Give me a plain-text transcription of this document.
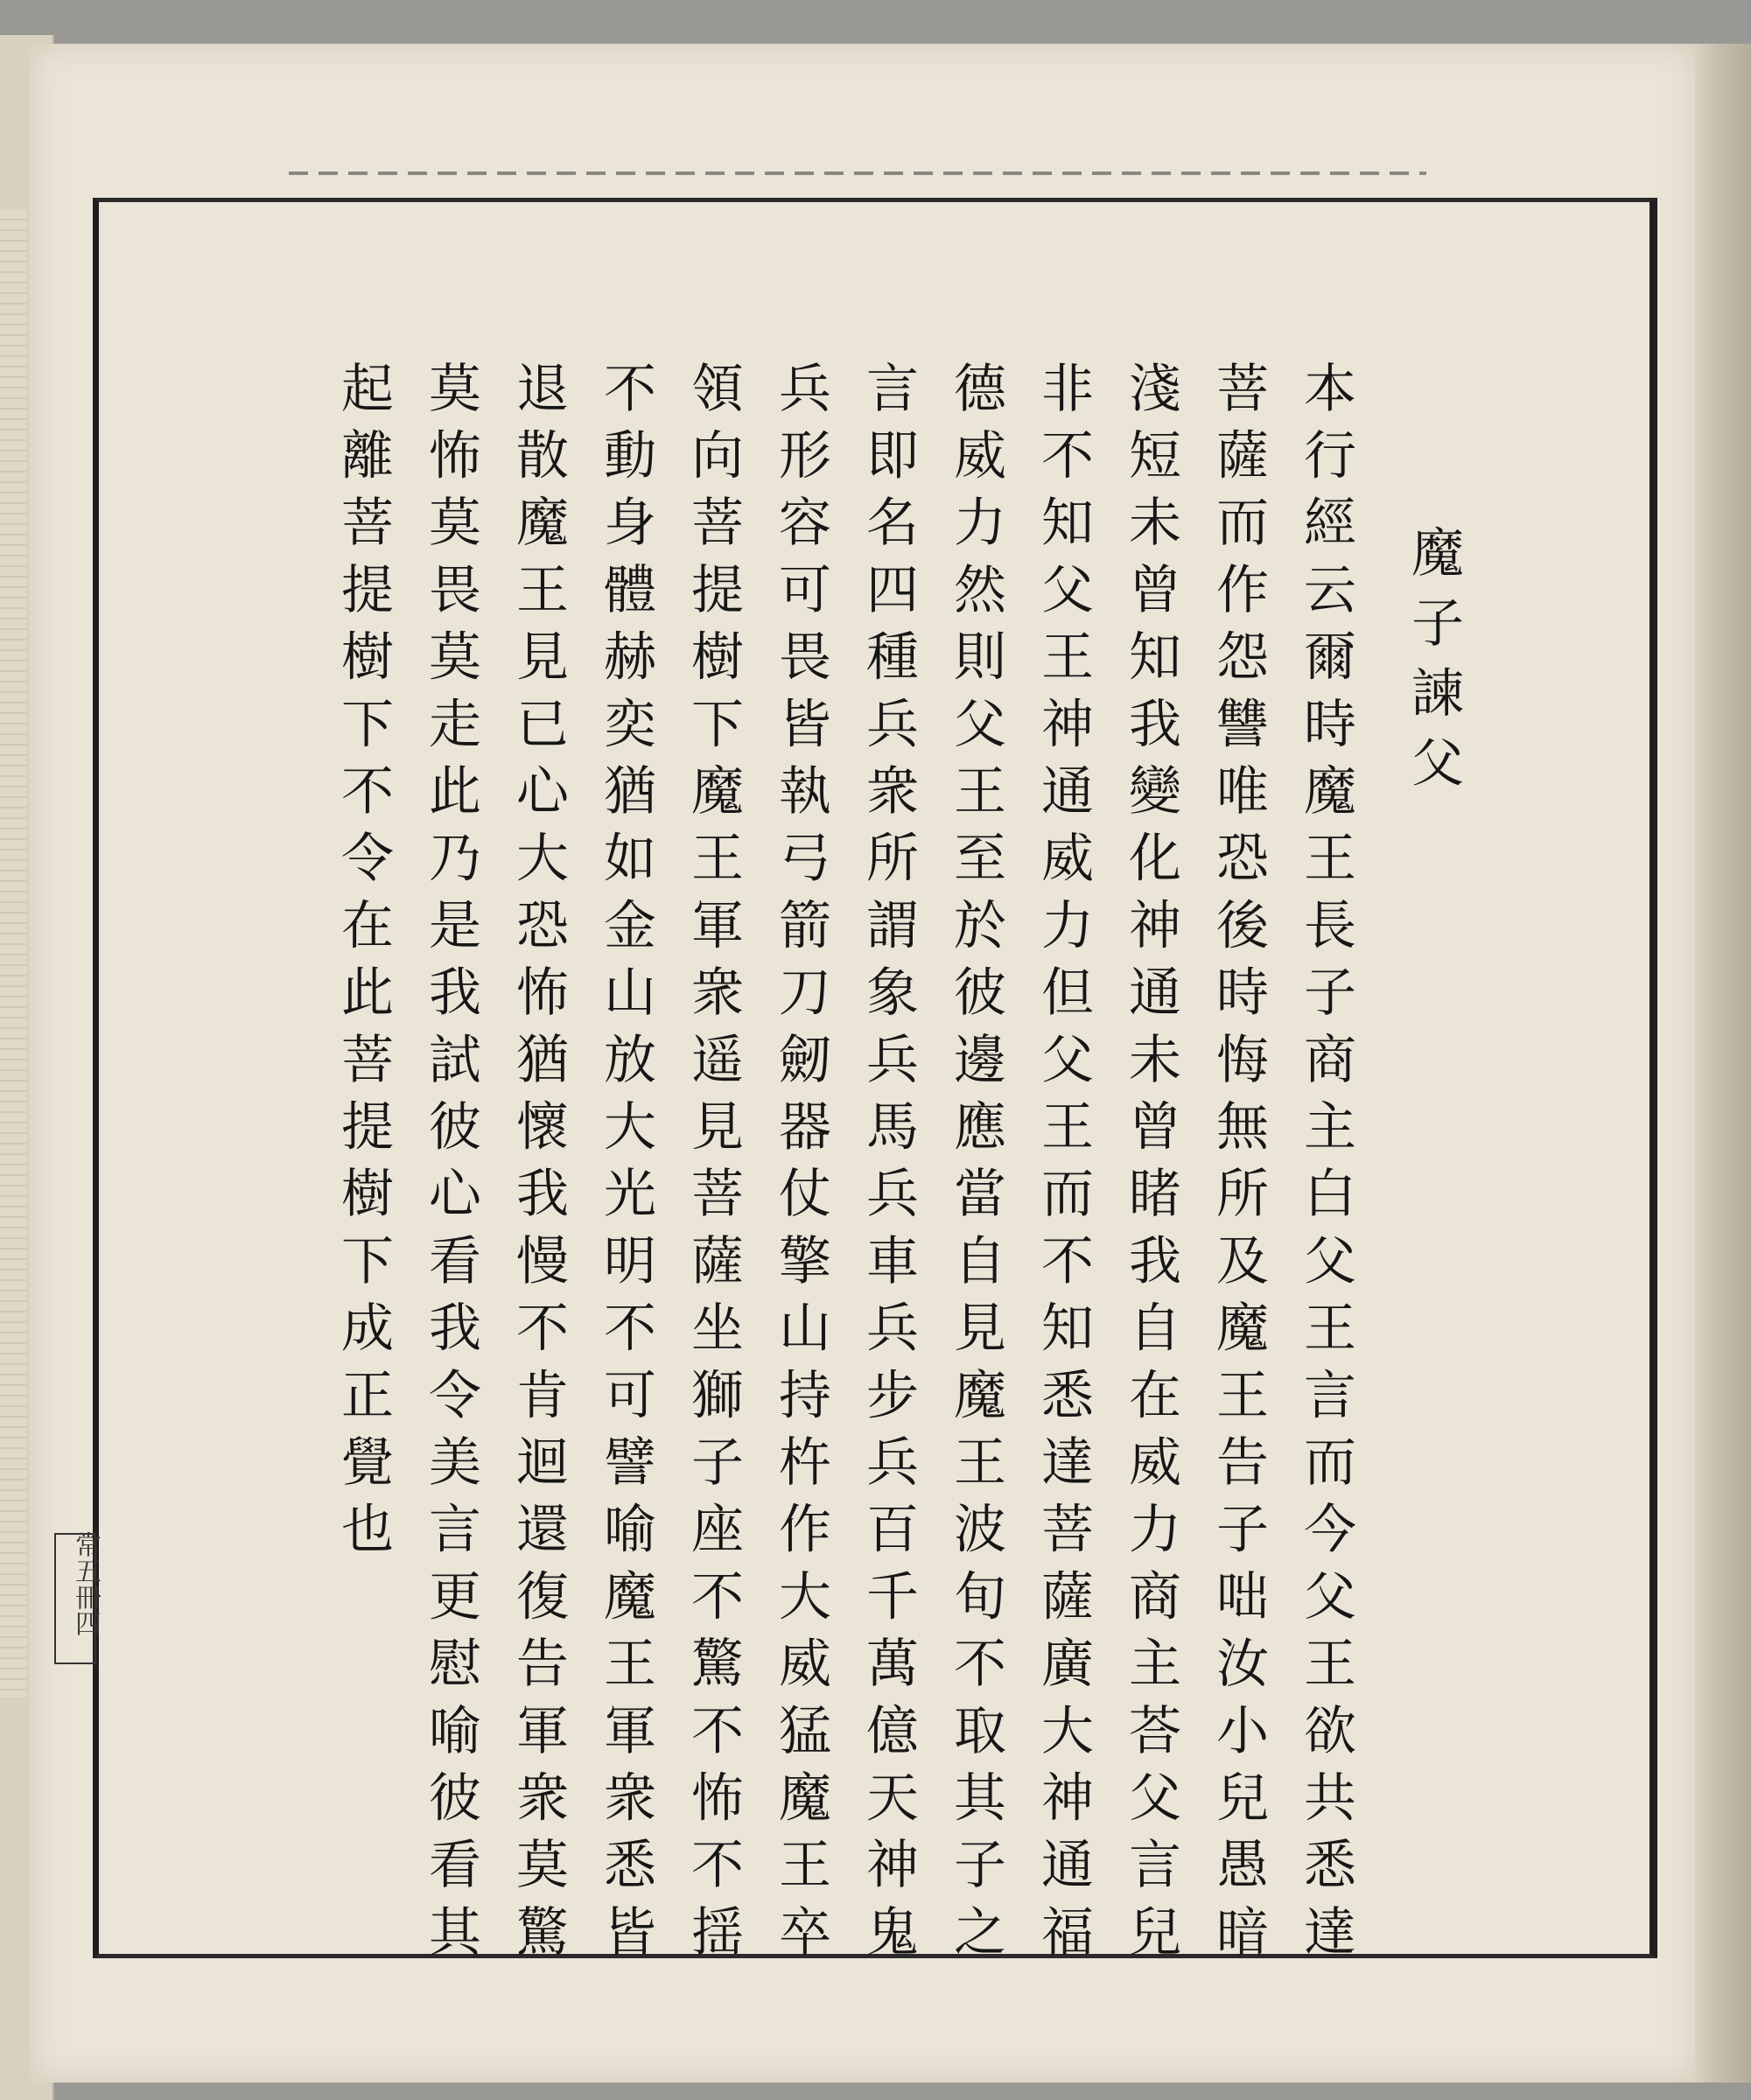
常五冊四
魔子諫父
本行經云爾時魔王長子商主白父王言而今父王欲共悉達
菩薩而作怨讐唯恐後時悔無所及魔王告子咄汝小兒愚暗
淺短未曾知我變化神通未曾睹我自在威力商主荅父言兒
非不知父王神通威力但父王而不知悉達菩薩廣大神通福
德威力然則父王至於彼邊應當自見魔王波旬不取其子之
言即名四種兵衆所謂象兵馬兵車兵步兵百千萬億天神鬼
兵形容可畏皆執弓箭刀劒器仗擎山持杵作大威猛魔王卒
領向菩提樹下魔王軍衆遥見菩薩坐獅子座不驚不怖不揺
不動身體赫奕猶如金山放大光明不可譬喻魔王軍衆悉皆
退散魔王見已心大恐怖猶懷我慢不肯迴還復告軍衆莫驚
莫怖莫畏莫走此乃是我試彼心看我令美言更慰喻彼看其
起離菩提樹下不令在此菩提樹下成正覺也
